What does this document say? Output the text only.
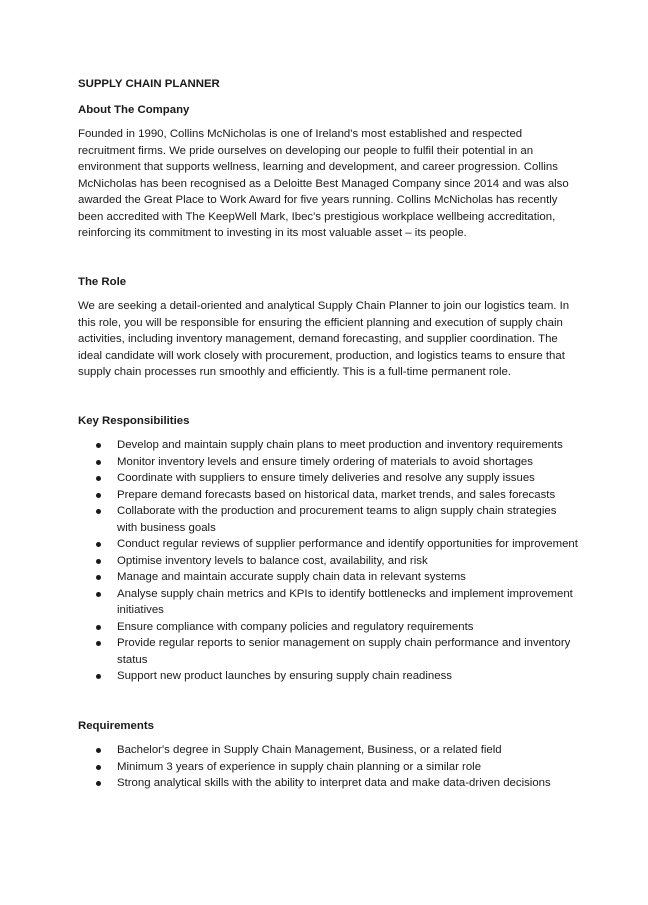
SUPPLY CHAIN PLANNER

About The Company

Founded in 1990, Collins McNicholas is one of Ireland's most established and respected recruitment firms. We pride ourselves on developing our people to fulfil their potential in an environment that supports wellness, learning and development, and career progression. Collins McNicholas has been recognised as a Deloitte Best Managed Company since 2014 and was also awarded the Great Place to Work Award for five years running. Collins McNicholas has recently been accredited with The KeepWell Mark, Ibec's prestigious workplace wellbeing accreditation, reinforcing its commitment to investing in its most valuable asset – its people.

The Role

We are seeking a detail-oriented and analytical Supply Chain Planner to join our logistics team. In this role, you will be responsible for ensuring the efficient planning and execution of supply chain activities, including inventory management, demand forecasting, and supplier coordination. The ideal candidate will work closely with procurement, production, and logistics teams to ensure that supply chain processes run smoothly and efficiently. This is a full-time permanent role.

Key Responsibilities

Develop and maintain supply chain plans to meet production and inventory requirements
Monitor inventory levels and ensure timely ordering of materials to avoid shortages
Coordinate with suppliers to ensure timely deliveries and resolve any supply issues
Prepare demand forecasts based on historical data, market trends, and sales forecasts
Collaborate with the production and procurement teams to align supply chain strategies with business goals
Conduct regular reviews of supplier performance and identify opportunities for improvement
Optimise inventory levels to balance cost, availability, and risk
Manage and maintain accurate supply chain data in relevant systems
Analyse supply chain metrics and KPIs to identify bottlenecks and implement improvement initiatives
Ensure compliance with company policies and regulatory requirements
Provide regular reports to senior management on supply chain performance and inventory status
Support new product launches by ensuring supply chain readiness

Requirements

Bachelor's degree in Supply Chain Management, Business, or a related field
Minimum 3 years of experience in supply chain planning or a similar role
Strong analytical skills with the ability to interpret data and make data-driven decisions
